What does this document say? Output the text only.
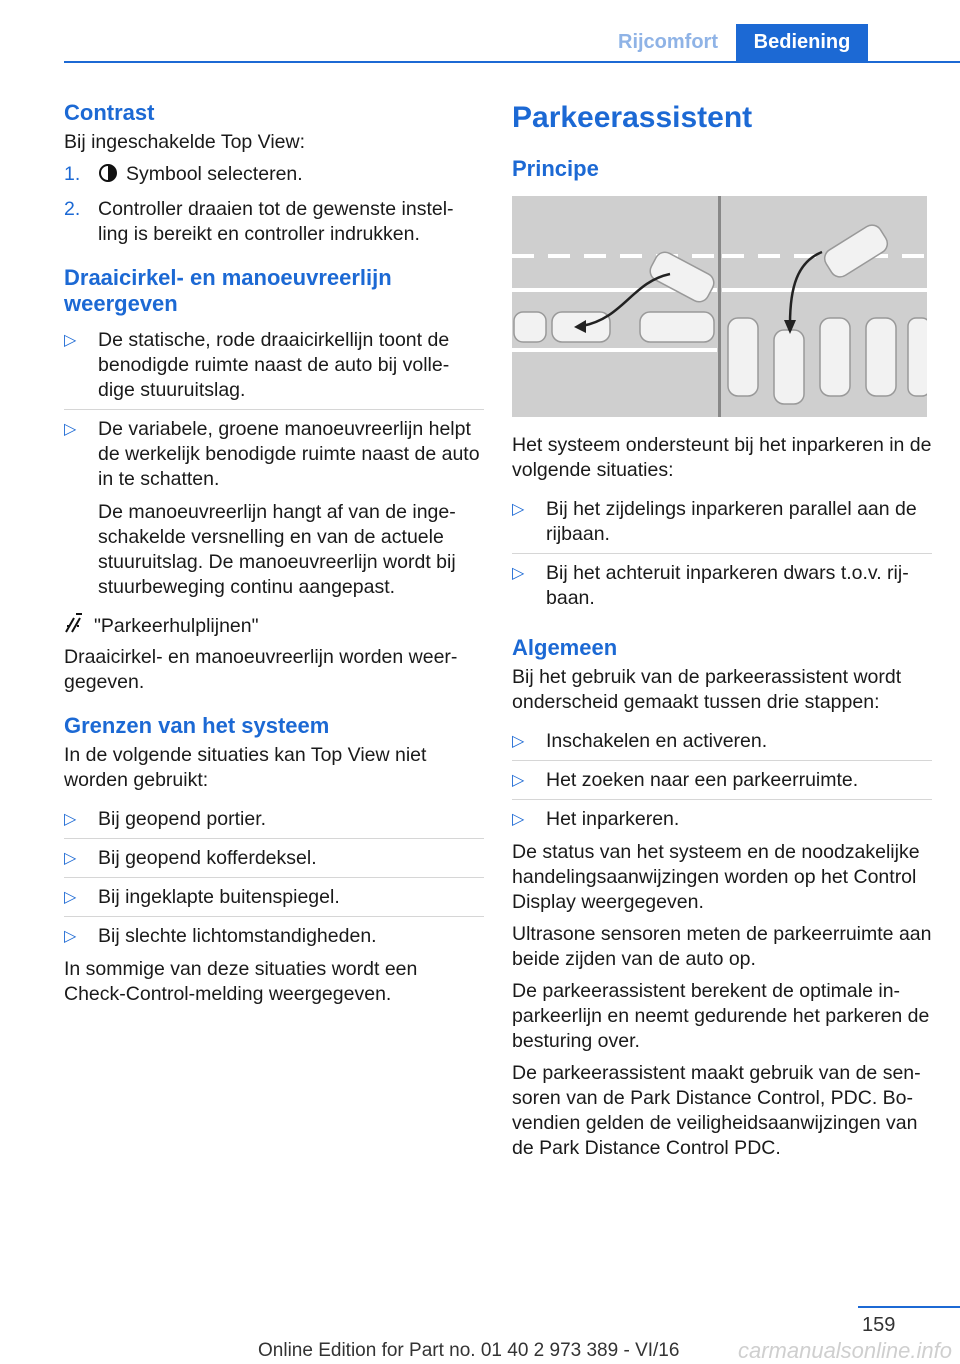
Rijcomfort	Bediening
Contrast

Bij ingeschakelde Top View:

1. Symbool selecteren.
2. Controller draaien tot de gewenste instel‐ ling is bereikt en controller indrukken.
Draaicirkel- en manoeuvreerlijn weergeven
▷ De statische, rode draaicirkellijn toont de benodigde ruimte naast de auto bij volle‐ dige stuuruitslag.
▷ De variabele, groene manoeuvreerlijn helpt de werkelijk benodigde ruimte naast de auto in te schatten.
De manoeuvreerlijn hangt af van de inge‐ schakelde versnelling en van de actuele stuuruitslag. De manoeuvreerlijn wordt bij stuurbeweging continu aangepast.
"Parkeerhulplijnen"

Draaicirkel- en manoeuvreerlijn worden weer‐ gegeven.

Grenzen van het systeem

In de volgende situaties kan Top View niet worden gebruikt:

▷ Bij geopend portier.
▷ Bij geopend kofferdeksel.
▷ Bij ingeklapte buitenspiegel.
▷ Bij slechte lichtomstandigheden.

In sommige van deze situaties wordt een Check-Control-melding weergegeven.

Parkeerassistent
Principe

Het systeem ondersteunt bij het inparkeren in de volgende situaties:

▷ Bij het zijdelings inparkeren parallel aan de rijbaan.
▷ Bij het achteruit inparkeren dwars t.o.v. rij‐ baan.
Algemeen

Bij het gebruik van de parkeerassistent wordt onderscheid gemaakt tussen drie stappen:

▷ Inschakelen en activeren.
▷ Het zoeken naar een parkeerruimte.
▷ Het inparkeren.

De status van het systeem en de noodzakelijke handelingsaanwijzingen worden op het Control Display weergegeven.

Ultrasone sensoren meten de parkeerruimte aan beide zijden van de auto op.

De parkeerassistent berekent de optimale in‐ parkeerlijn en neemt gedurende het parkeren de besturing over.

De parkeerassistent maakt gebruik van de sen‐ soren van de Park Distance Control, PDC. Bo‐ vendien gelden de veiligheidsaanwijzingen van de Park Distance Control PDC.

159
Online Edition for Part no. 01 40 2 973 389 - VI/16	carmanualsonline.info
